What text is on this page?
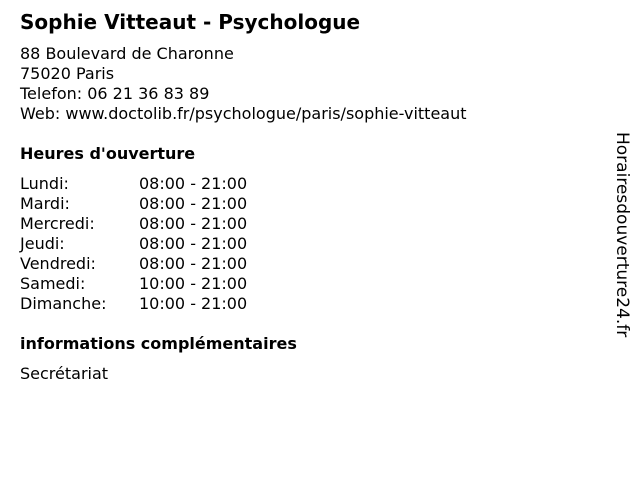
Sophie Vitteaut - Psychologue
88 Boulevard de Charonne
75020 Paris
Telefon: 06 21 36 83 89
Web: www.doctolib.fr/psychologue/paris/sophie-vitteaut
Heures d'ouverture
Lundi:	08:00 - 21:00
Mardi:	08:00 - 21:00
Mercredi:	08:00 - 21:00
Jeudi:	08:00 - 21:00
Vendredi:	08:00 - 21:00
Samedi:	10:00 - 21:00
Dimanche: 10:00 - 21:00
informations complémentaires
Secrétariat
Horairesdouverture24.fr
